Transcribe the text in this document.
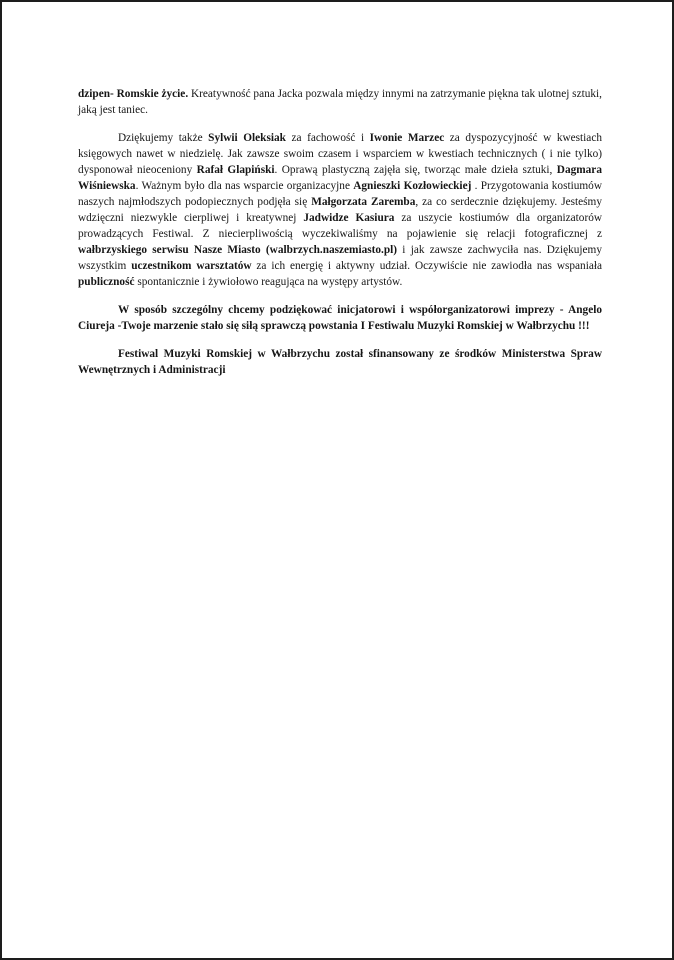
dzipen- Romskie życie. Kreatywność pana Jacka pozwala między innymi na zatrzymanie piękna tak ulotnej sztuki, jaką jest taniec.

Dziękujemy także Sylwii Oleksiak za fachowość i Iwonie Marzec za dyspozycyjność w kwestiach księgowych nawet w niedzielę. Jak zawsze swoim czasem i wsparciem w kwestiach technicznych ( i nie tylko) dysponował nieoceniony Rafał Glapiński. Oprawą plastyczną zajęła się, tworząc małe dzieła sztuki, Dagmara Wiśniewska. Ważnym było dla nas wsparcie organizacyjne Agnieszki Kozłowieckiej . Przygotowania kostiumów naszych najmłodszych podopiecznych podjęła się Małgorzata Zaremba, za co serdecznie dziękujemy. Jesteśmy wdzięczni niezwykle cierpliwej i kreatywnej Jadwidze Kasiura za uszycie kostiumów dla organizatorów prowadzących Festiwal. Z niecierpliwością wyczekiwaliśmy na pojawienie się relacji fotograficznej z wałbrzyskiego serwisu Nasze Miasto (walbrzych.naszemiasto.pl) i jak zawsze zachwyciła nas. Dziękujemy wszystkim uczestnikom warsztatów za ich energię i aktywny udział. Oczywiście nie zawiodła nas wspaniała publiczność spontanicznie i żywiołowo reagująca na występy artystów.

W sposób szczególny chcemy podziękować inicjatorowi i współorganizatorowi imprezy - Angelo Ciureja -Twoje marzenie stało się siłą sprawczą powstania I Festiwalu Muzyki Romskiej w Wałbrzychu !!!

Festiwal Muzyki Romskiej w Wałbrzychu został sfinansowany ze środków Ministerstwa Spraw Wewnętrznych i Administracji
